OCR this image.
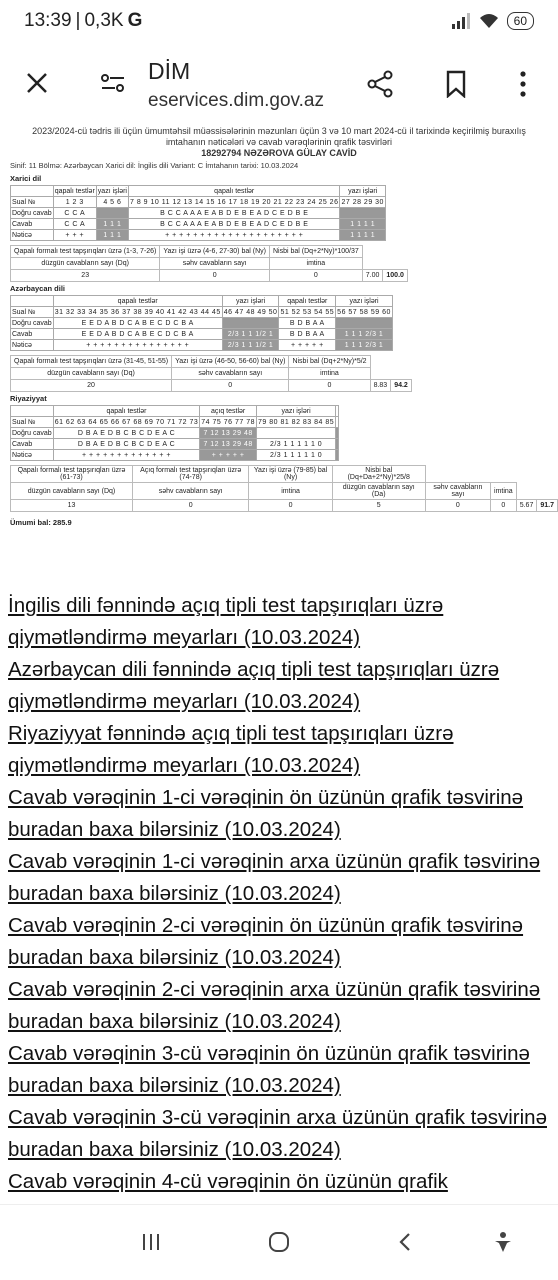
13:39 | 0,3K G	60
DİM
eservices.dim.gov.az
2023/2024-cü tədris ili üçün ümumtəhsil müəssisələrinin məzunları üçün 3 və 10 mart 2024-cü il tarixində keçirilmiş buraxılış imtahanın nəticələri və cavab vərəqlərinin qrafik təsvirləri
18292794 NƏZƏROVA GÜLAY CAVİD
Sinif: 11 Bölmə: Azərbaycan Xarici dil: İngilis dili Variant: C İmtahanın tarixi: 10.03.2024
Xarici dil
	qapalı testlər	yazı işləri	qapalı testlər	yazı işləri
Sual №	1 2 3	4 5 6	7 8 9 10 11 12 13 14 15 16 17 18 19 20 21 22 23 24 25 26	27 28 29 30
Doğru cavab	C C A		B C C A A A E A B D E B E A D C E D B E	
Cavab	C C A	1 1 1	B C C A A A E A B D E B E A D C E D B E	1 1 1 1
Nəticə	+ + +	1 1 1	+ + + + + + + + + + + + + + + + + + + +	1 1 1 1
Qapalı formalı test tapşırıqları üzrə (1-3, 7-26)	Yazı işi üzrə (4-6, 27-30) bal (Ny)	Nisbi bal (Dq+2*Ny)*100/37		
düzgün cavabların sayı (Dq)	səhv cavabların sayı	imtina		
23	0	0	7.00	100.0
Azərbaycan dili
	qapalı testlər	yazı işləri	qapalı testlər	yazı işləri
Sual №	31 32 33 34 35 36 37 38 39 40 41 42 43 44 45	46 47 48 49 50	51 52 53 54 55	56 57 58 59 60
Doğru cavab	E E D A B D C A B E C D C B A		B D B A A	
Cavab	E E D A B D C A B E C D C B A	2/3 1 1 1/2 1	B D B A A	1 1 1 2/3 1
Nəticə	+ + + + + + + + + + + + + + +	2/3 1 1 1/2 1	+ + + + +	1 1 1 2/3 1
Qapalı formalı test tapşırıqları üzrə (31-45, 51-55)	Yazı işi üzrə (46-50, 56-60) bal (Ny)	Nisbi bal (Dq+2*Ny)*5/2		
düzgün cavabların sayı (Dq)	səhv cavabların sayı	imtina		
20	0	0	8.83	94.2
Riyaziyyat
	qapalı testlər	açıq testlər	yazı işləri	
Sual №	61 62 63 64 65 66 67 68 69 70 71 72 73	74 75 76 77 78	79 80 81 82 83 84 85	
Doğru cavab	D B A E D B C B C D E A C	7 12 13 29 48		
Cavab	D B A E D B C B C D E A C	7 12 13 29 48	2/3 1 1 1 1 1 0	
Nəticə	+ + + + + + + + + + + + +	+ + + + +	2/3 1 1 1 1 1 0	
Qapalı formalı test tapşırıqları üzrə (61-73)	Açıq formalı test tapşırıqları üzrə (74-78)	Yazı işi üzrə (79-85) bal (Ny)	Nisbi bal (Dq+Da+2*Ny)*25/8				
düzgün cavabların sayı (Dq)	səhv cavabların sayı	imtina	düzgün cavabların sayı (Da)	səhv cavabların sayı	imtina		
13	0	0	5	0	0	5.67	91.7
Ümumi bal: 285.9
İngilis dili fənnində açıq tipli test tapşırıqları üzrə qiymətləndirmə meyarları (10.03.2024)
Azərbaycan dili fənnində açıq tipli test tapşırıqları üzrə qiymətləndirmə meyarları (10.03.2024)
Riyaziyyat fənnində açıq tipli test tapşırıqları üzrə qiymətləndirmə meyarları (10.03.2024)
Cavab vərəqinin 1-ci vərəqinin ön üzünün qrafik təsvirinə buradan baxa bilərsiniz (10.03.2024)
Cavab vərəqinin 1-ci vərəqinin arxa üzünün qrafik təsvirinə buradan baxa bilərsiniz (10.03.2024)
Cavab vərəqinin 2-ci vərəqinin ön üzünün qrafik təsvirinə buradan baxa bilərsiniz (10.03.2024)
Cavab vərəqinin 2-ci vərəqinin arxa üzünün qrafik təsvirinə buradan baxa bilərsiniz (10.03.2024)
Cavab vərəqinin 3-cü vərəqinin ön üzünün qrafik təsvirinə buradan baxa bilərsiniz (10.03.2024)
Cavab vərəqinin 3-cü vərəqinin arxa üzünün qrafik təsvirinə buradan baxa bilərsiniz (10.03.2024)
Cavab vərəqinin 4-cü vərəqinin ön üzünün qrafik
